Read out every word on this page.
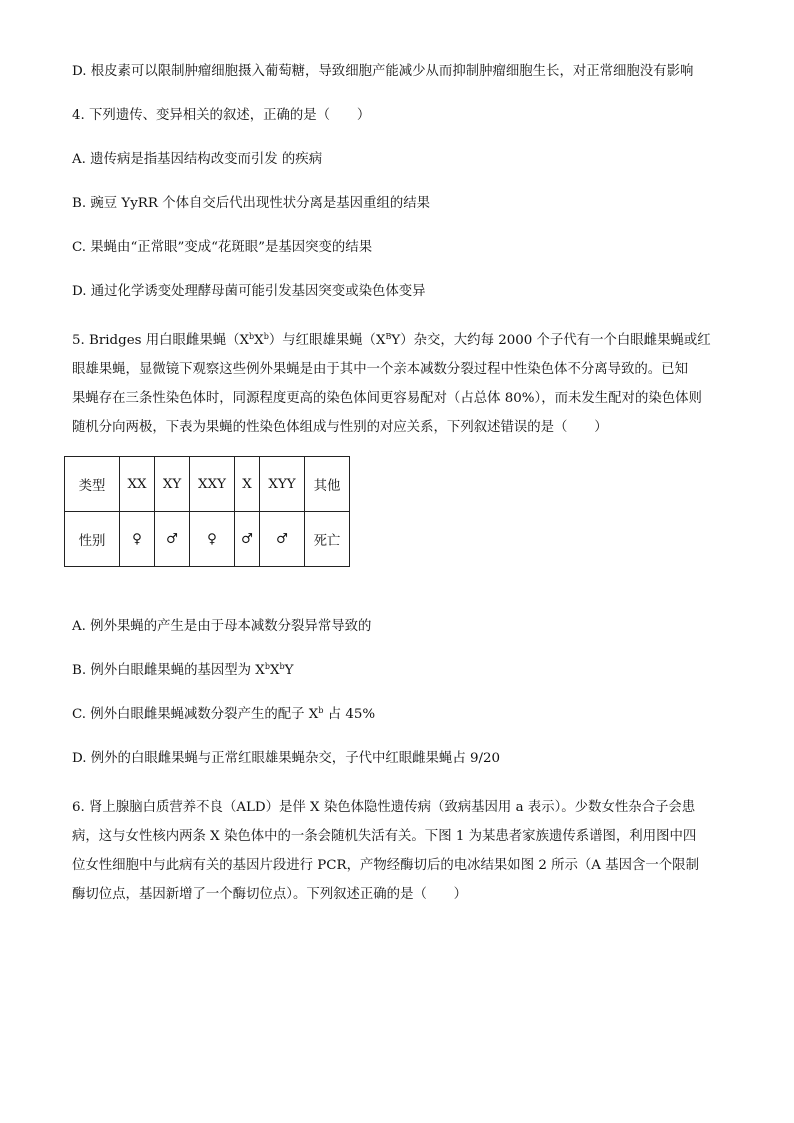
D. 根皮素可以限制肿瘤细胞摄入葡萄糖，导致细胞产能减少从而抑制肿瘤细胞生长，对正常细胞没有影响

4. 下列遗传、变异相关的叙述，正确的是（　　）

A. 遗传病是指基因结构改变而引发 的疾病

B. 豌豆 YyRR 个体自交后代出现性状分离是基因重组的结果

C. 果蝇由“正常眼”变成“花斑眼”是基因突变的结果

D. 通过化学诱变处理酵母菌可能引发基因突变或染色体变异

5. Bridges 用白眼雌果蝇$(X^bX^b)$与红眼雄果蝇$(X^BY)$杂交，大约每 2000 个子代有一个白眼雌果蝇或红
眼雄果蝇，显微镜下观察这些例外果蝇是由于其中一个亲本减数分裂过程中性染色体不分离导致的。已知
果蝇存在三条性染色体时，同源程度更高的染色体间更容易配对（占总体 80%），而未发生配对的染色体则
随机分向两极，下表为果蝇的性染色体组成与性别的对应关系，下列叙述错误的是（　　）
类型	XX	XY	XXY	X	XYY	其他
性别	♀	♂	♀	♂	♂	死亡

A. 例外果蝇的产生是由于母本减数分裂异常导致的

B. 例外白眼雌果蝇的基因型为 $X^bX^bY$

C. 例外白眼雌果蝇减数分裂产生的配子 $X^b$ 占 45%

D. 例外的白眼雌果蝇与正常红眼雄果蝇杂交，子代中红眼雌果蝇占 9/20

6. 肾上腺脑白质营养不良（ALD）是伴 X 染色体隐性遗传病（致病基因用 a 表示）。少数女性杂合子会患
病，这与女性核内两条 X 染色体中的一条会随机失活有关。下图 1 为某患者家族遗传系谱图，利用图中四
位女性细胞中与此病有关的基因片段进行 PCR，产物经酶切后的电冰结果如图 2 所示（A 基因含一个限制
酶切位点，基因新增了一个酶切位点）。下列叙述正确的是（　　）
